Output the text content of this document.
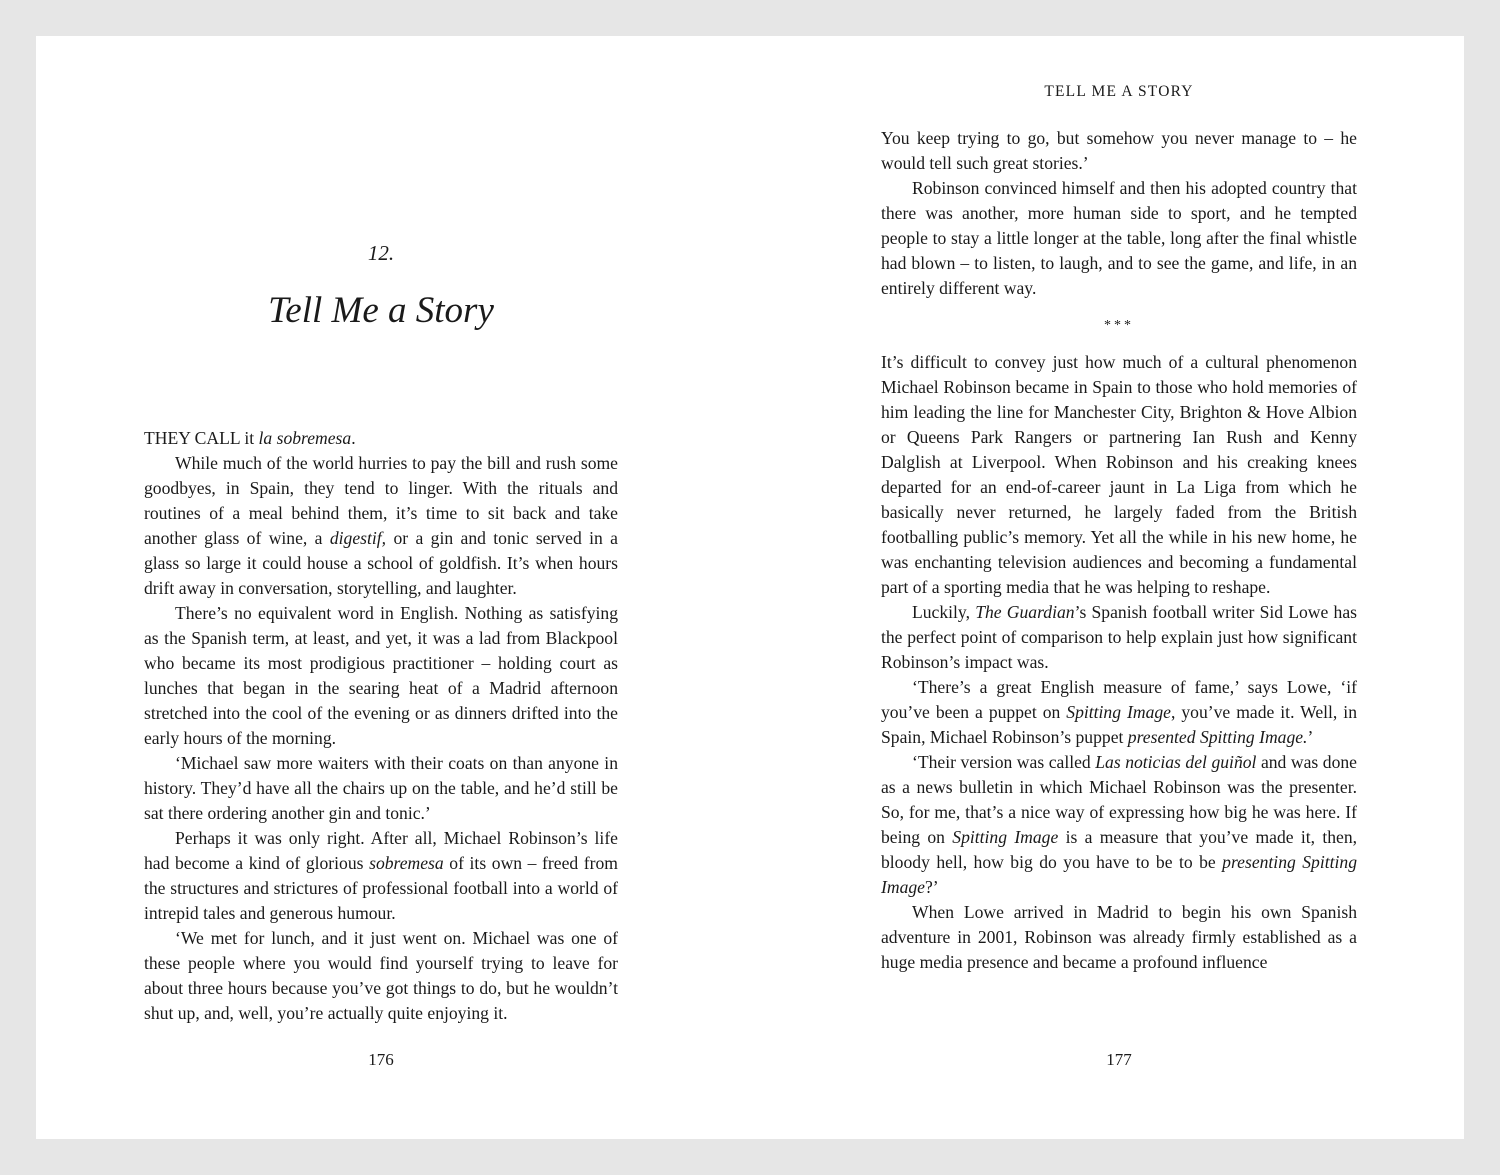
12.
Tell Me a Story

THEY CALL it la sobremesa.

While much of the world hurries to pay the bill and rush some goodbyes, in Spain, they tend to linger. With the rituals and routines of a meal behind them, it’s time to sit back and take another glass of wine, a digestif, or a gin and tonic served in a glass so large it could house a school of goldfish. It’s when hours drift away in conversation, storytelling, and laughter.

There’s no equivalent word in English. Nothing as satisfying as the Spanish term, at least, and yet, it was a lad from Blackpool who became its most prodigious practitioner – holding court as lunches that began in the searing heat of a Madrid afternoon stretched into the cool of the evening or as dinners drifted into the early hours of the morning.

‘Michael saw more waiters with their coats on than anyone in history. They’d have all the chairs up on the table, and he’d still be sat there ordering another gin and tonic.’

Perhaps it was only right. After all, Michael Robinson’s life had become a kind of glorious sobremesa of its own – freed from the structures and strictures of professional football into a world of intrepid tales and generous humour.

‘We met for lunch, and it just went on. Michael was one of these people where you would find yourself trying to leave for about three hours because you’ve got things to do, but he wouldn’t shut up, and, well, you’re actually quite enjoying it.

176
TELL ME A STORY

You keep trying to go, but somehow you never manage to – he would tell such great stories.’

Robinson convinced himself and then his adopted country that there was another, more human side to sport, and he tempted people to stay a little longer at the table, long after the final whistle had blown – to listen, to laugh, and to see the game, and life, in an entirely different way.

***

It’s difficult to convey just how much of a cultural phenomenon Michael Robinson became in Spain to those who hold memories of him leading the line for Manchester City, Brighton & Hove Albion or Queens Park Rangers or partnering Ian Rush and Kenny Dalglish at Liverpool. When Robinson and his creaking knees departed for an end-of-career jaunt in La Liga from which he basically never returned, he largely faded from the British footballing public’s memory. Yet all the while in his new home, he was enchanting television audiences and becoming a fundamental part of a sporting media that he was helping to reshape.

Luckily, The Guardian’s Spanish football writer Sid Lowe has the perfect point of comparison to help explain just how significant Robinson’s impact was.

‘There’s a great English measure of fame,’ says Lowe, ‘if you’ve been a puppet on Spitting Image, you’ve made it. Well, in Spain, Michael Robinson’s puppet presented Spitting Image.’

‘Their version was called Las noticias del guiñol and was done as a news bulletin in which Michael Robinson was the presenter. So, for me, that’s a nice way of expressing how big he was here. If being on Spitting Image is a measure that you’ve made it, then, bloody hell, how big do you have to be to be presenting Spitting Image?’

When Lowe arrived in Madrid to begin his own Spanish adventure in 2001, Robinson was already firmly established as a huge media presence and became a profound influence

177
